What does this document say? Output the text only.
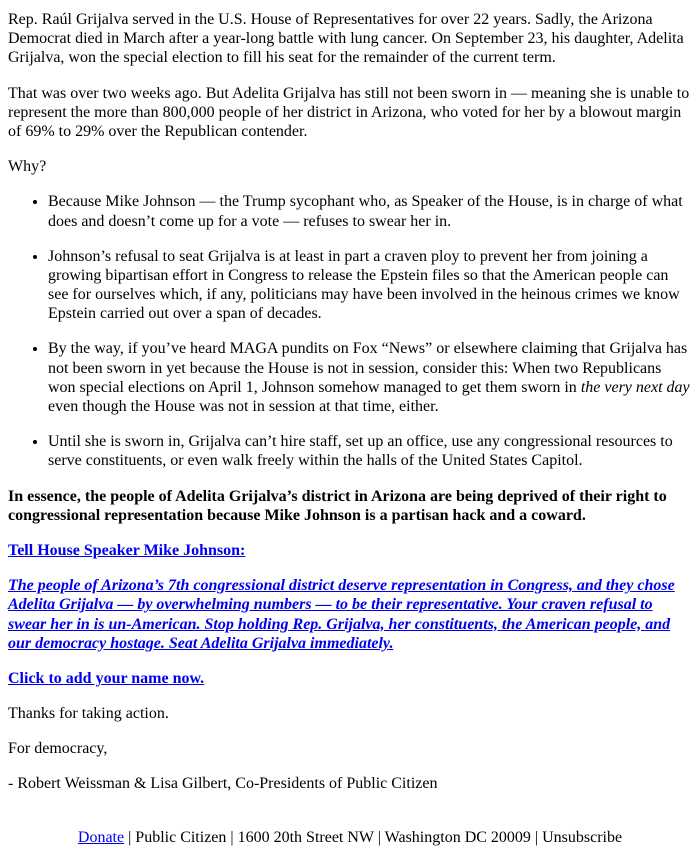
Rep. Raúl Grijalva served in the U.S. House of Representatives for over 22 years. Sadly, the Arizona Democrat died in March after a year-long battle with lung cancer. On September 23, his daughter, Adelita Grijalva, won the special election to fill his seat for the remainder of the current term.

That was over two weeks ago. But Adelita Grijalva has still not been sworn in — meaning she is unable to represent the more than 800,000 people of her district in Arizona, who voted for her by a blowout margin of 69% to 29% over the Republican contender.

Why?

• Because Mike Johnson — the Trump sycophant who, as Speaker of the House, is in charge of what does and doesn’t come up for a vote — refuses to swear her in.
• Johnson’s refusal to seat Grijalva is at least in part a craven ploy to prevent her from joining a growing bipartisan effort in Congress to release the Epstein files so that the American people can see for ourselves which, if any, politicians may have been involved in the heinous crimes we know Epstein carried out over a span of decades.
• By the way, if you’ve heard MAGA pundits on Fox “News” or elsewhere claiming that Grijalva has not been sworn in yet because the House is not in session, consider this: When two Republicans won special elections on April 1, Johnson somehow managed to get them sworn in the very next day even though the House was not in session at that time, either.
• Until she is sworn in, Grijalva can’t hire staff, set up an office, use any congressional resources to serve constituents, or even walk freely within the halls of the United States Capitol.

In essence, the people of Adelita Grijalva’s district in Arizona are being deprived of their right to congressional representation because Mike Johnson is a partisan hack and a coward.

Tell House Speaker Mike Johnson:

The people of Arizona’s 7th congressional district deserve representation in Congress, and they chose Adelita Grijalva — by overwhelming numbers — to be their representative. Your craven refusal to swear her in is un-American. Stop holding Rep. Grijalva, her constituents, the American people, and our democracy hostage. Seat Adelita Grijalva immediately.

Click to add your name now.

Thanks for taking action.

For democracy,

- Robert Weissman & Lisa Gilbert, Co-Presidents of Public Citizen

Donate | Public Citizen | 1600 20th Street NW | Washington DC 20009 | Unsubscribe
